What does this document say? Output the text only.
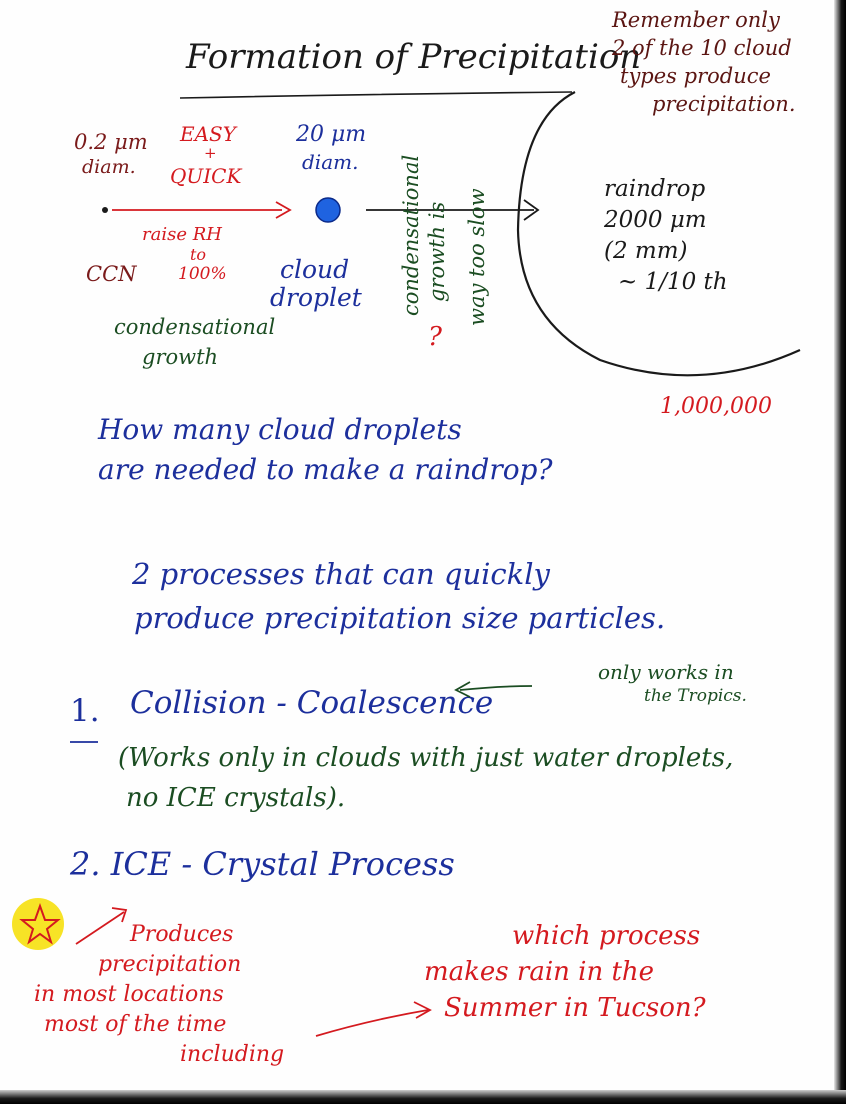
Formation of Precipitation

Remember only
2 of the 10 cloud
types produce
precipitation.

0.2 μm

diam.

EASY

+

QUICK

raise RH

to

100%

CCN

condensational
growth

20 μm

diam.

cloud
droplet

?

raindrop
2000 μm
(2 mm)
~ 1/10 th
How many cloud droplets
are needed to make a raindrop?

1,000,000

2 processes that can quickly
produce precipitation size particles.

1. Collision - Coalescence

only works in
the Tropics.
(Works only in clouds with just water droplets,
no ICE crystals).

2. ICE - Crystal Process

Produces
precipitation
in most locations
most of the time
including
which process
makes rain in the
Summer in Tucson?
condensational growth is way too slow
